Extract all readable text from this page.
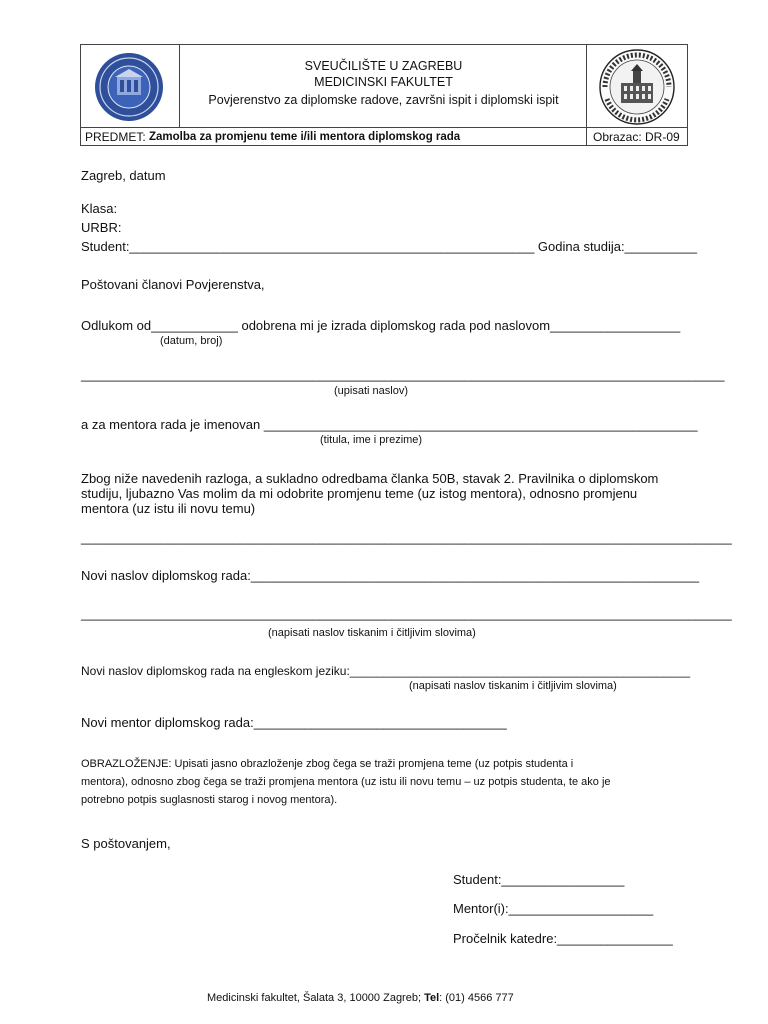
SVEUČILIŠTE U ZAGREBU
MEDICINSKI FAKULTET
Povjerenstvo za diplomske radove, završni ispit i diplomski ispit
PREDMET: Zamolba za promjenu teme i/ili mentora diplomskog rada	Obrazac: DR-09
Zagreb, datum
Klasa:
URBR:
Student:________________________________________________________ Godina studija:__________
Poštovani članovi Povjerenstva,
Odlukom od____________ odobrena mi je izrada diplomskog rada pod naslovom__________________
(datum, broj)
_________________________________________________________________________________________
(upisati naslov)
a za mentora rada je imenovan ____________________________________________________________
(titula, ime i prezime)
Zbog niže navedenih razloga, a sukladno odredbama članka 50B, stavak 2. Pravilnika o diplomskom
studiju, ljubazno Vas molim da mi odobrite promjenu teme (uz istog mentora), odnosno promjenu
mentora (uz istu ili novu temu)
__________________________________________________________________________________________
Novi naslov diplomskog rada:______________________________________________________________
__________________________________________________________________________________________
(napisati naslov tiskanim i čitljivim slovima)
Novi naslov diplomskog rada na engleskom jeziku:___________________________________________________
(napisati naslov tiskanim i čitljivim slovima)
Novi mentor diplomskog rada:___________________________________
OBRAZLOŽENJE: Upisati jasno obrazloženje zbog čega se traži promjena teme (uz potpis studenta i
mentora), odnosno zbog čega se traži promjena mentora (uz istu ili novu temu – uz potpis studenta, te ako je
potrebno potpis suglasnosti starog i novog mentora).
S poštovanjem,
Student:_________________
Mentor(i):____________________
Pročelnik katedre:________________
Medicinski fakultet, Šalata 3, 10000 Zagreb; Tel: (01) 4566 777
